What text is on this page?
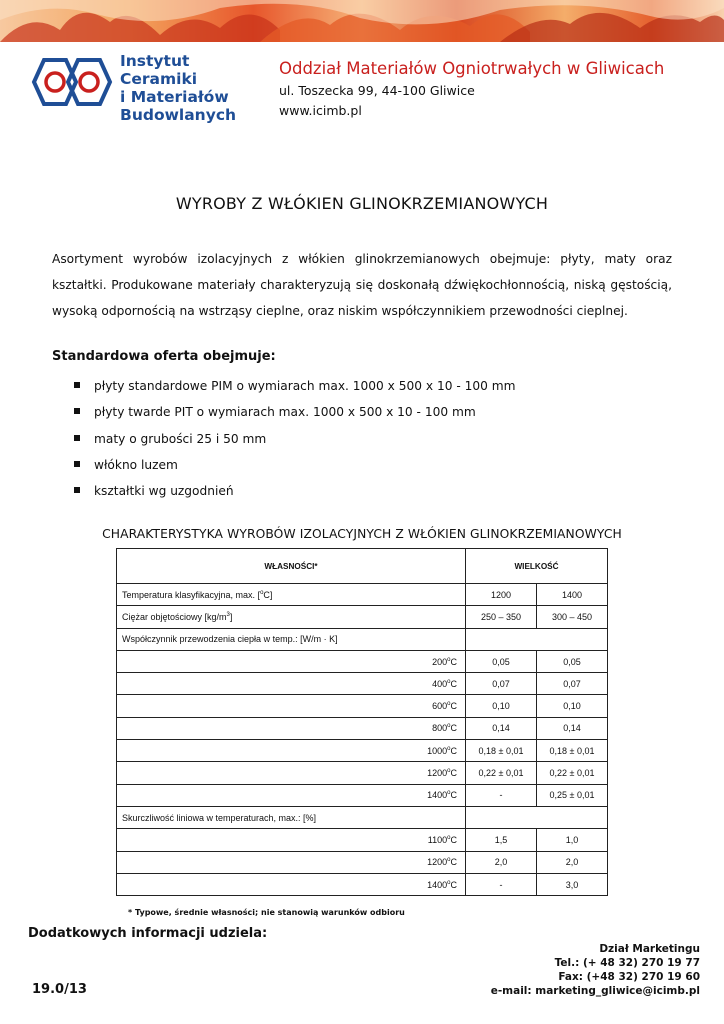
Instytut Ceramiki
i Materiałów
Budowlanych
Oddział Materiałów Ogniotrwałych w Gliwicach
ul. Toszecka 99, 44-100 Gliwice
www.icimb.pl
WYROBY Z WŁÓKIEN GLINOKRZEMIANOWYCH
Asortyment wyrobów izolacyjnych z włókien glinokrzemianowych obejmuje: płyty, maty oraz kształtki. Produkowane materiały charakteryzują się doskonałą dźwiękochłonnością, niską gęstością, wysoką odpornością na wstrząsy cieplne, oraz niskim współczynnikiem przewodności cieplnej.
Standardowa oferta obejmuje:
płyty standardowe PIM o wymiarach max. 1000 x 500 x 10 - 100 mm
płyty twarde PIT o wymiarach max. 1000 x 500 x 10 - 100 mm
maty o grubości 25 i 50 mm
włókno luzem
kształtki wg uzgodnień
CHARAKTERYSTYKA WYROBÓW IZOLACYJNYCH Z WŁÓKIEN GLINOKRZEMIANOWYCH
WŁASNOŚCI*	WIELKOŚĆ	
Temperatura klasyfikacyjna, max. [$^o$C]	1200	1400
Ciężar objętościowy $[kg/m^3]$	250 – 350	300 – 450
Współczynnik przewodzenia ciepła w temp.: [W/m · K]		
200$^o$C	0,05	0,05
400$^o$C	0,07	0,07
600$^o$C	0,10	0,10
800$^o$C	0,14	0,14
1000$^o$C	0,18 ± 0,01	0,18 ± 0,01
1200$^o$C	0,22 ± 0,01	0,22 ± 0,01
1400$^o$C	-	0,25 ± 0,01
Skurczliwość liniowa w temperaturach, max.: [%]		
1100$^o$C	1,5	1,0
1200$^o$C	2,0	2,0
1400$^o$C	-	3,0
* Typowe, średnie własności; nie stanowią warunków odbioru
Dodatkowych informacji udziela:
19.0/13
Dział Marketingu
Tel.: (+ 48 32) 270 19 77
Fax: (+48 32) 270 19 60
e-mail: marketing_gliwice@icimb.pl
